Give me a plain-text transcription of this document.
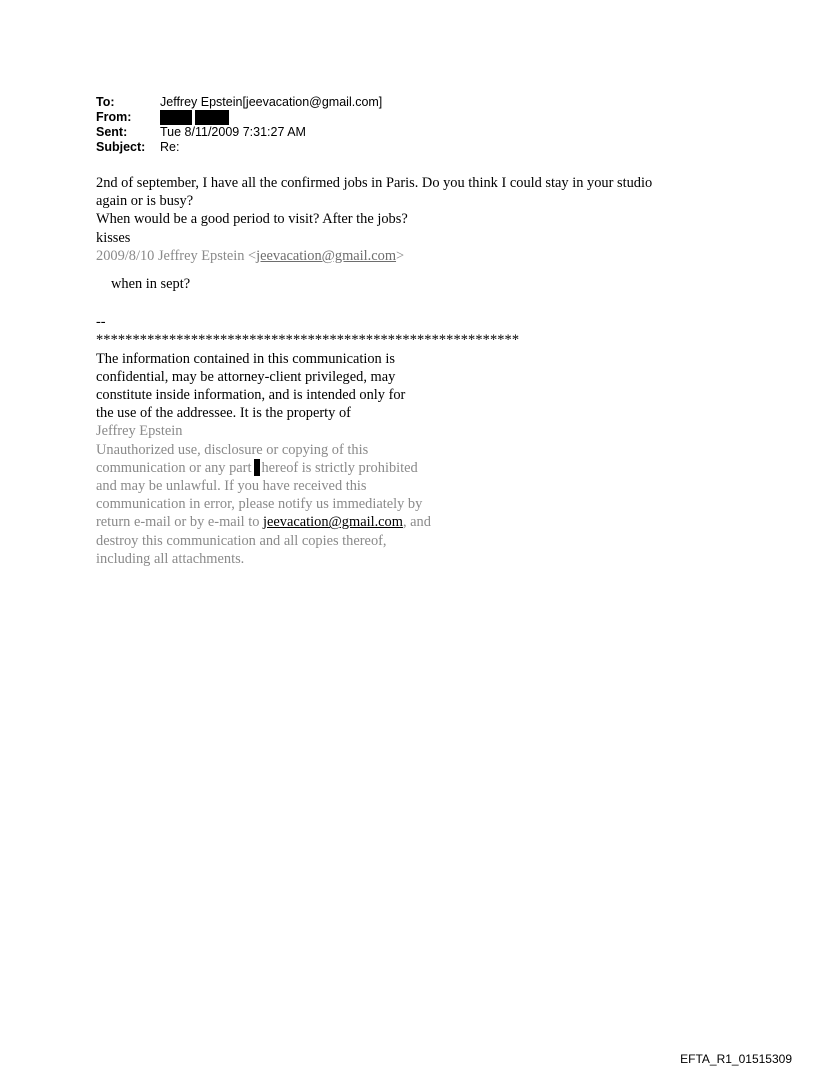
To:	Jeffrey Epstein[jeevacation@gmail.com]
From:
Sent:	Tue 8/11/2009 7:31:27 AM
Subject:	Re:

2nd of september, I have all the confirmed jobs in Paris. Do you think I could stay in your studio

again or is busy?

When would be a good period to visit? After the jobs?

kisses

2009/8/10 Jeffrey Epstein <jeevacation@gmail.com>

when in sept?

--

**********************************************************

The information contained in this communication is

confidential, may be attorney-client privileged, may

constitute inside information, and is intended only for

the use of the addressee. It is the property of

Jeffrey Epstein

Unauthorized use, disclosure or copying of this

communication or any part hereof is strictly prohibited

and may be unlawful. If you have received this

communication in error, please notify us immediately by

return e-mail or by e-mail to jeevacation@gmail.com, and

destroy this communication and all copies thereof,

including all attachments.

EFTA_R1_01515309
